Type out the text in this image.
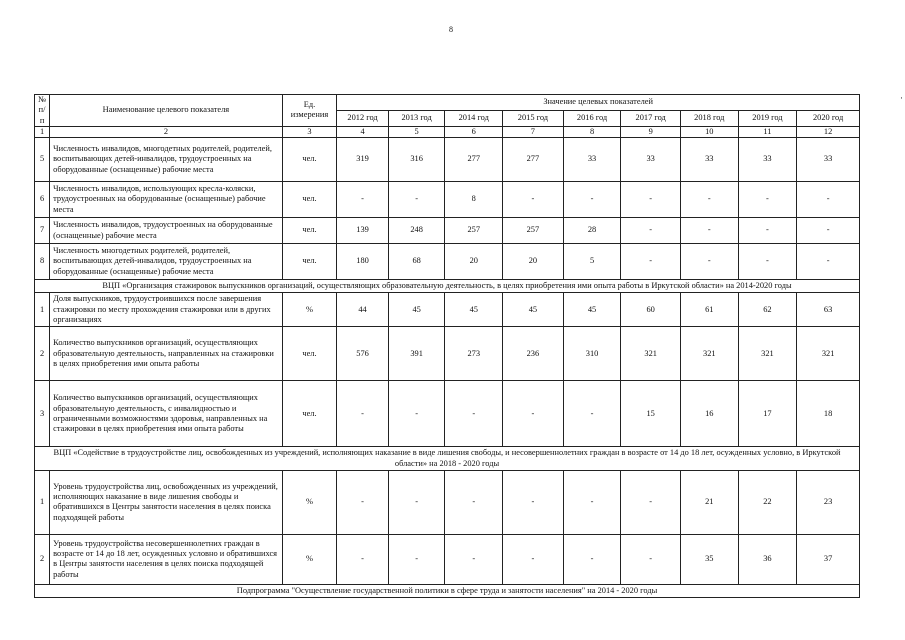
8
·
№ п/п	Наименование целевого показателя	Ед. измерения	Значение целевых показателей								
			2012 год	2013 год	2014 год	2015 год	2016 год	2017 год	2018 год	2019 год	2020 год
1	2	3	4	5	6	7	8	9	10	11	12
5	Численность инвалидов, многодетных родителей, родителей, воспитывающих детей-инвалидов, трудоустроенных на оборудованные (оснащенные) рабочие места	чел.	319	316	277	277	33	33	33	33	33
6	Численность инвалидов, использующих кресла-коляски, трудоустроенных на оборудованные (оснащенные) рабочие места	чел.	-	-	8	-	-	-	-	-	-
7	Численность инвалидов, трудоустроенных на оборудованные (оснащенные) рабочие места	чел.	139	248	257	257	28	-	-	-	-
8	Численность многодетных родителей, родителей, воспитывающих детей-инвалидов, трудоустроенных на оборудованные (оснащенные) рабочие места	чел.	180	68	20	20	5	-	-	-	-
ВЦП «Организация стажировок выпускников организаций, осуществляющих образовательную деятельность, в целях приобретения ими опыта работы в Иркутской области» на 2014-2020 годы											
1	Доля выпускников, трудоустроившихся после завершения стажировки по месту прохождения стажировки или в других организациях	%	44	45	45	45	45	60	61	62	63
2	Количество выпускников организаций, осуществляющих образовательную деятельность, направленных на стажировки в целях приобретения ими опыта работы	чел.	576	391	273	236	310	321	321	321	321
3	Количество выпускников организаций, осуществляющих образовательную деятельность, с инвалидностью и ограниченными возможностями здоровья, направленных на стажировки в целях приобретения ими опыта работы	чел.	-	-	-	-	-	15	16	17	18
ВЦП «Содействие в трудоустройстве лиц, освобожденных из учреждений, исполняющих наказание в виде лишения свободы, и несовершеннолетних граждан в возрасте от 14 до 18 лет, осужденных условно, в Иркутской области» на 2018 - 2020 годы											
1	Уровень трудоустройства лиц, освобожденных из учреждений, исполняющих наказание в виде лишения свободы и обратившихся в Центры занятости населения в целях поиска подходящей работы	%	-	-	-	-	-	-	21	22	23
2	Уровень трудоустройства несовершеннолетних граждан в возрасте от 14 до 18 лет, осужденных условно и обратившихся в Центры занятости населения в целях поиска подходящей работы	%	-	-	-	-	-	-	35	36	37
Подпрограмма "Осуществление государственной политики в сфере труда и занятости населения" на 2014 - 2020 годы											
